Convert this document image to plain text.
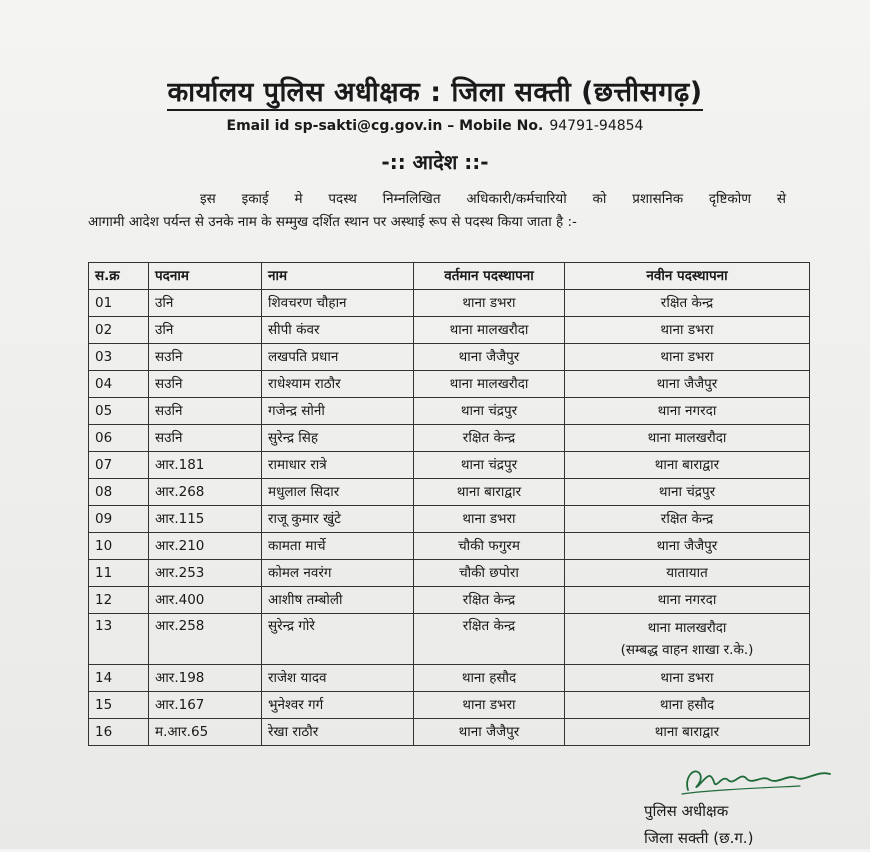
कार्यालय पुलिस अधीक्षक : जिला सक्ती (छत्तीसगढ़)
Email id sp-sakti@cg.gov.in – Mobile No. 94791-94854
-:: आदेश ::-
इस इकाई मे पदस्थ निम्नलिखित अधिकारी/कर्मचारियो को प्रशासनिक दृष्टिकोण से
आगामी आदेश पर्यन्त से उनके नाम के सम्मुख दर्शित स्थान पर अस्थाई रूप से पदस्थ किया जाता है :-
स.क्र	पदनाम	नाम	वर्तमान पदस्थापना	नवीन पदस्थापना
01	उनि	शिवचरण चौहान	थाना डभरा	रक्षित केन्द्र
02	उनि	सीपी कंवर	थाना मालखरौदा	थाना डभरा
03	सउनि	लखपति प्रधान	थाना जैजैपुर	थाना डभरा
04	सउनि	राधेश्याम राठौर	थाना मालखरौदा	थाना जैजैपुर
05	सउनि	गजेन्द्र सोनी	थाना चंद्रपुर	थाना नगरदा
06	सउनि	सुरेन्द्र सिह	रक्षित केन्द्र	थाना मालखरौदा
07	आर.181	रामाधार रात्रे	थाना चंद्रपुर	थाना बाराद्वार
08	आर.268	मधुलाल सिदार	थाना बाराद्वार	थाना चंद्रपुर
09	आर.115	राजू कुमार खुंटे	थाना डभरा	रक्षित केन्द्र
10	आर.210	कामता मार्चे	चौकी फगुरम	थाना जैजैपुर
11	आर.253	कोमल नवरंग	चौकी छपोरा	यातायात
12	आर.400	आशीष तम्बोली	रक्षित केन्द्र	थाना नगरदा
13	आर.258	सुरेन्द्र गोरे	रक्षित केन्द्र	थाना मालखरौदा
(सम्बद्ध वाहन शाखा र.के.)

14	आर.198	राजेश यादव	थाना हसौद	थाना डभरा
15	आर.167	भुनेश्वर गर्ग	थाना डभरा	थाना हसौद
16	म.आर.65	रेखा राठौर	थाना जैजैपुर	थाना बाराद्वार
पुलिस अधीक्षक
जिला सक्ती (छ.ग.)
